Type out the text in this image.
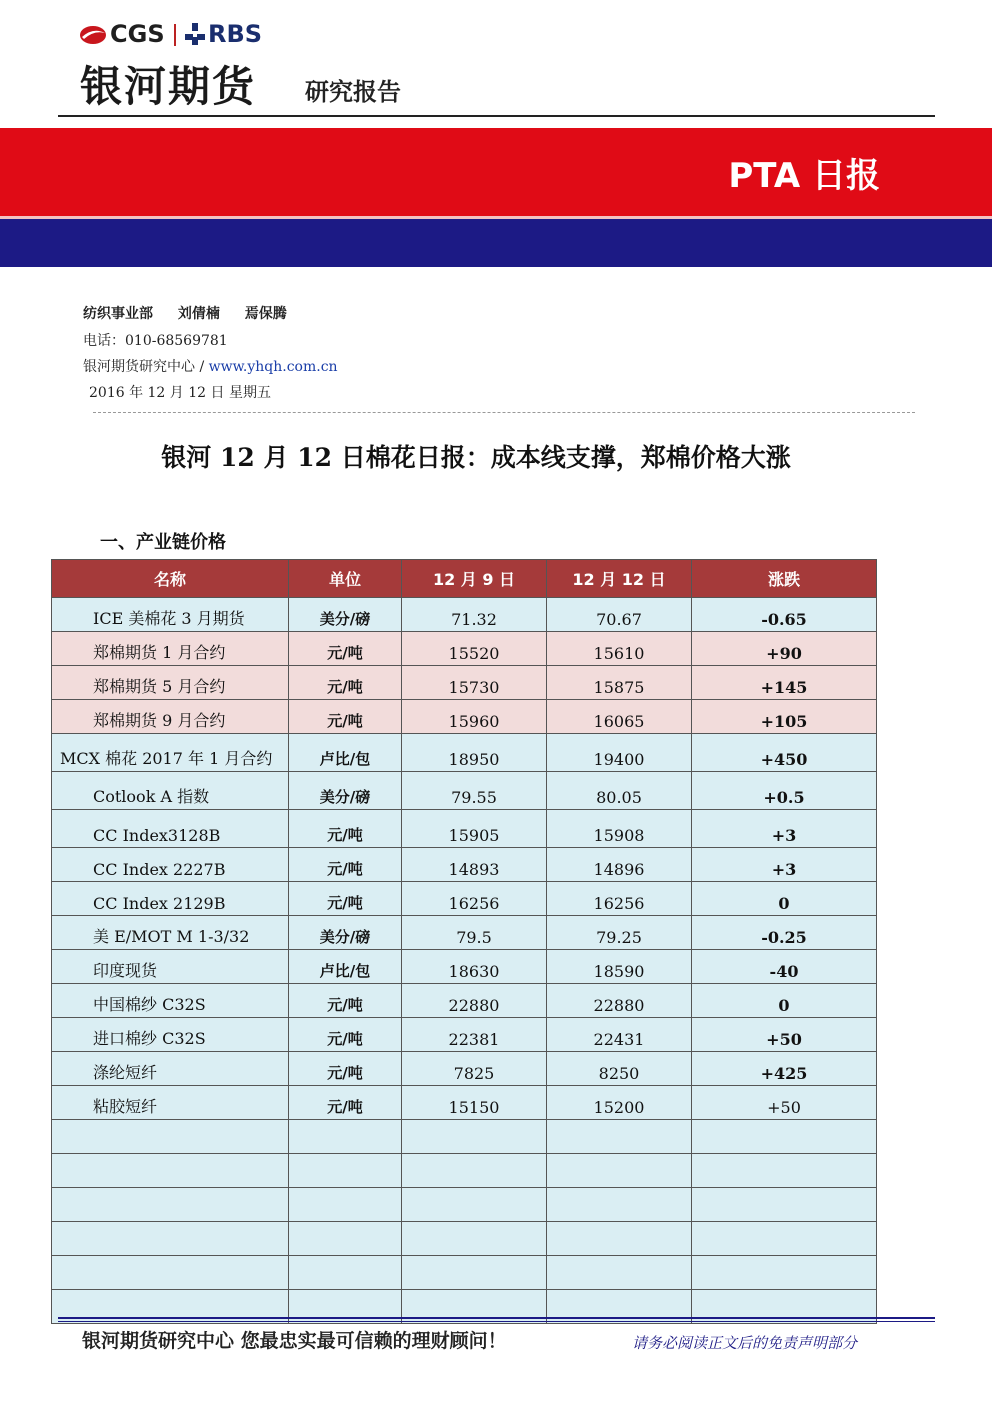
CGS RBS
银河期货 研究报告
PTA 日报
纺织事业部 刘倩楠 焉保腾
电话：010-68569781
银河期货研究中心 / www.yhqh.com.cn
2016 年 12 月 12 日 星期五
银河 12 月 12 日棉花日报：成本线支撑，郑棉价格大涨
一、产业链价格
名称	单位	12 月 9 日	12 月 12 日	涨跌
ICE 美棉花 3 月期货	美分/磅	71.32	70.67	-0.65
郑棉期货 1 月合约	元/吨	15520	15610	+90
郑棉期货 5 月合约	元/吨	15730	15875	+145
郑棉期货 9 月合约	元/吨	15960	16065	+105
MCX 棉花 2017 年 1 月合约	卢比/包	18950	19400	+450
Cotlook A 指数	美分/磅	79.55	80.05	+0.5
CC Index3128B	元/吨	15905	15908	+3
CC Index 2227B	元/吨	14893	14896	+3
CC Index 2129B	元/吨	16256	16256	0
美 E/MOT M 1-3/32	美分/磅	79.5	79.25	-0.25
印度现货	卢比/包	18630	18590	-40
中国棉纱 C32S	元/吨	22880	22880	0
进口棉纱 C32S	元/吨	22381	22431	+50
涤纶短纤	元/吨	7825	8250	+425
粘胶短纤	元/吨	15150	15200	+50

银河期货研究中心 您最忠实最可信赖的理财顾问！	请务必阅读正文后的免责声明部分
